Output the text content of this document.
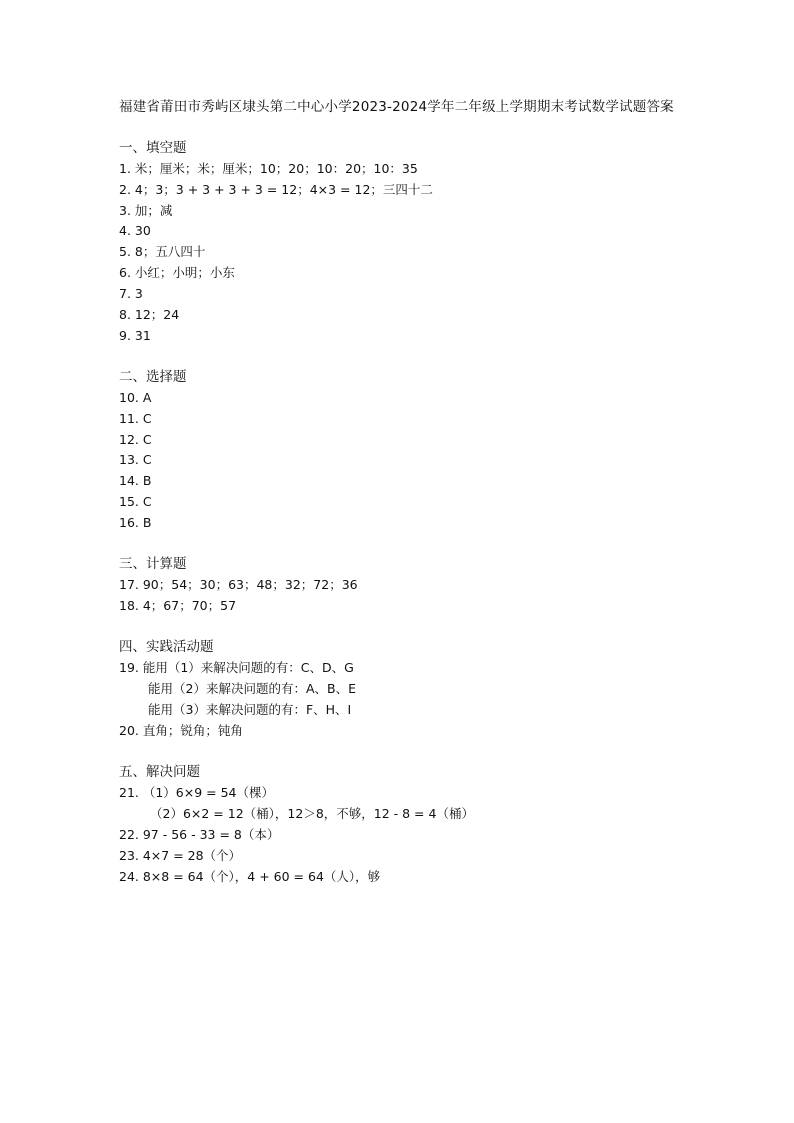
福建省莆田市秀屿区埭头第二中心小学2023-2024学年二年级上学期期末考试数学试题答案
一、填空题
1. 米；厘米；米；厘米；10；20；10：20；10：35
2. 4；3；3 + 3 + 3 + 3 = 12；4×3 = 12；三四十二
3. 加；减
4. 30
5. 8；五八四十
6. 小红；小明；小东
7. 3
8. 12；24
9. 31
二、选择题
10. A
11. C
12. C
13. C
14. B
15. C
16. B
三、计算题
17. 90；54；30；63；48；32；72；36
18. 4；67；70；57
四、实践活动题
19. 能用（1）来解决问题的有：C、D、G
能用（2）来解决问题的有：A、B、E
能用（3）来解决问题的有：F、H、I
20. 直角；锐角；钝角
五、解决问题
21. （1）6×9 = 54（棵）
（2）6×2 = 12（桶），12＞8，不够，12 - 8 = 4（桶）
22. 97 - 56 - 33 = 8（本）
23. 4×7 = 28（个）
24. 8×8 = 64（个），4 + 60 = 64（人），够
